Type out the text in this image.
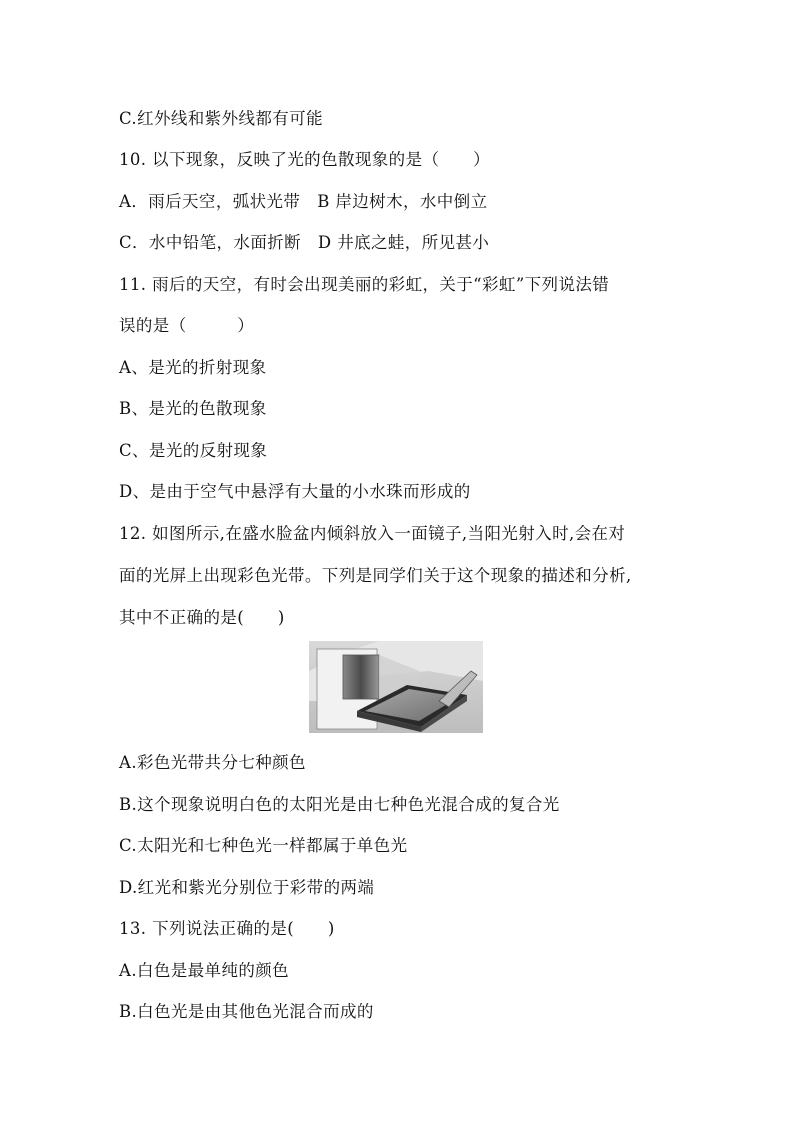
C.红外线和紫外线都有可能
10. 以下现象，反映了光的色散现象的是（　　）
A．雨后天空，弧状光带　B 岸边树木，水中倒立
C．水中铅笔，水面折断　D 井底之蛙，所见甚小
11. 雨后的天空，有时会出现美丽的彩虹，关于“彩虹”下列说法错
误的是（　　　）
A、是光的折射现象
B、是光的色散现象
C、是光的反射现象
D、是由于空气中悬浮有大量的小水珠而形成的
12. 如图所示,在盛水脸盆内倾斜放入一面镜子,当阳光射入时,会在对
面的光屏上出现彩色光带。下列是同学们关于这个现象的描述和分析,
其中不正确的是(　　)
A.彩色光带共分七种颜色
B.这个现象说明白色的太阳光是由七种色光混合成的复合光
C.太阳光和七种色光一样都属于单色光
D.红光和紫光分别位于彩带的两端
13. 下列说法正确的是(　　)
A.白色是最单纯的颜色
B.白色光是由其他色光混合而成的
